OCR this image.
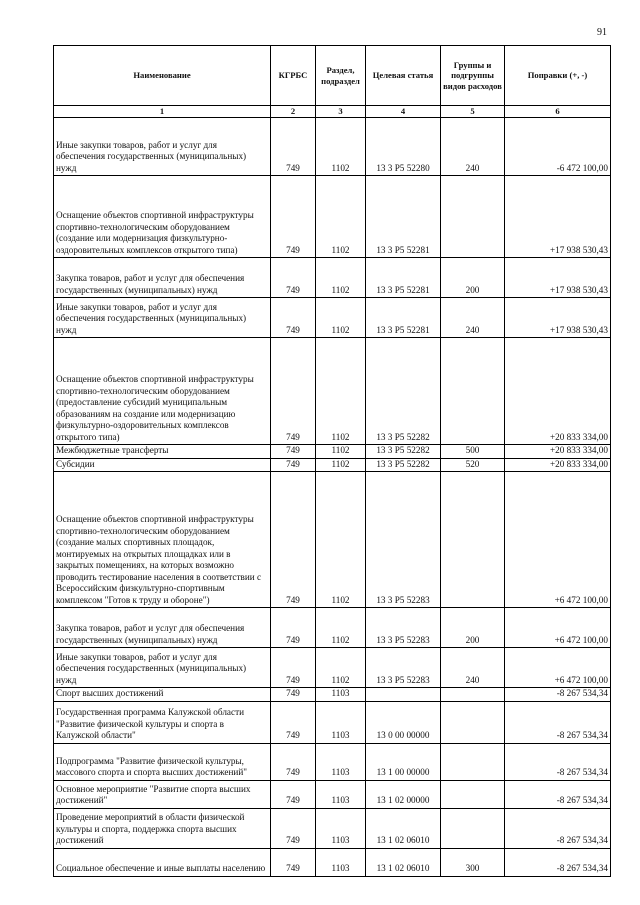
91
Наименование	КГРБС	Раздел, подраздел	Целевая статья	Группы и подгруппы видов расходов	Поправки (+, -)
1	2	3	4	5	6
Иные закупки товаров, работ и услуг для обеспечения государственных (муниципальных) нужд	749	1102	13 3 P5 52280	240	-6 472 100,00
Оснащение объектов спортивной инфраструктуры спортивно-технологическим оборудованием (создание или модернизация физкультурно-оздоровительных комплексов открытого типа)	749	1102	13 3 P5 52281		+17 938 530,43
Закупка товаров, работ и услуг для обеспечения государственных (муниципальных) нужд	749	1102	13 3 P5 52281	200	+17 938 530,43
Иные закупки товаров, работ и услуг для обеспечения государственных (муниципальных) нужд	749	1102	13 3 P5 52281	240	+17 938 530,43
Оснащение объектов спортивной инфраструктуры спортивно-технологическим оборудованием (предоставление субсидий муниципальным образованиям на создание или модернизацию физкультурно-оздоровительных комплексов открытого типа)	749	1102	13 3 P5 52282		+20 833 334,00
Межбюджетные трансферты	749	1102	13 3 P5 52282	500	+20 833 334,00
Субсидии	749	1102	13 3 P5 52282	520	+20 833 334,00
Оснащение объектов спортивной инфраструктуры спортивно-технологическим оборудованием (создание малых спортивных площадок, монтируемых на открытых площадках или в закрытых помещениях, на которых возможно проводить тестирование населения в соответствии с Всероссийским физкультурно-спортивным комплексом "Готов к труду и обороне")	749	1102	13 3 P5 52283		+6 472 100,00
Закупка товаров, работ и услуг для обеспечения государственных (муниципальных) нужд	749	1102	13 3 P5 52283	200	+6 472 100,00
Иные закупки товаров, работ и услуг для обеспечения государственных (муниципальных) нужд	749	1102	13 3 P5 52283	240	+6 472 100,00
Спорт высших достижений	749	1103			-8 267 534,34
Государственная программа Калужской области "Развитие физической культуры и спорта в Калужской области"	749	1103	13 0 00 00000		-8 267 534,34
Подпрограмма "Развитие физической культуры, массового спорта и спорта высших достижений"	749	1103	13 1 00 00000		-8 267 534,34
Основное мероприятие "Развитие спорта высших достижений"	749	1103	13 1 02 00000		-8 267 534,34
Проведение мероприятий в области физической культуры и спорта, поддержка спорта высших достижений	749	1103	13 1 02 06010		-8 267 534,34
Социальное обеспечение и иные выплаты населению	749	1103	13 1 02 06010	300	-8 267 534,34
